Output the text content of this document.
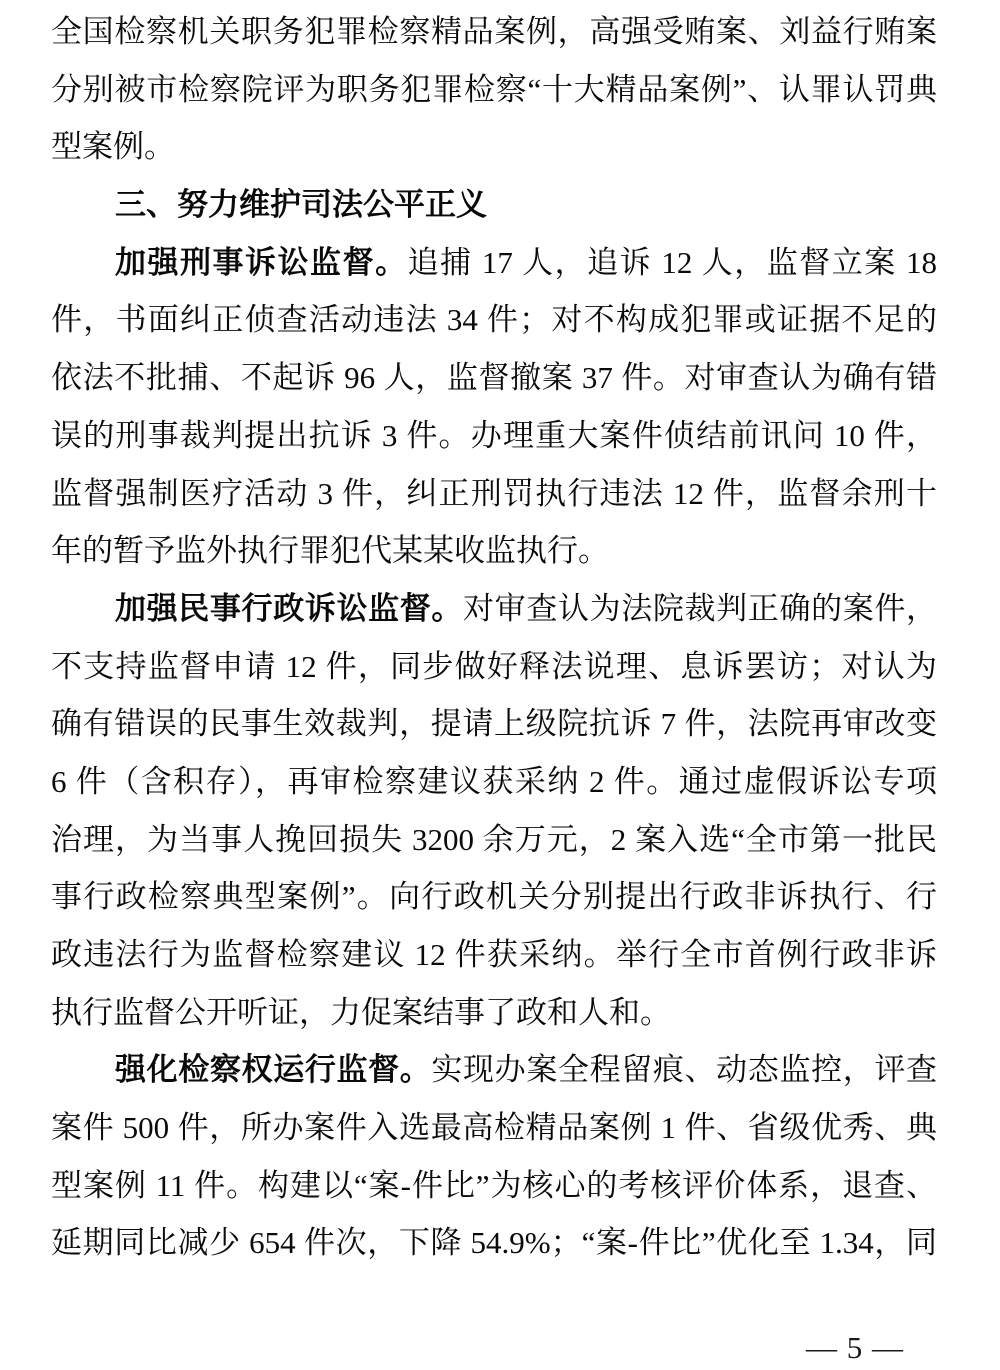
全国检察机关职务犯罪检察精品案例，高强受贿案、刘益行贿案
分别被市检察院评为职务犯罪检察“十大精品案例”、认罪认罚典
型案例。
三、努力维护司法公平正义
加强刑事诉讼监督。追捕 17 人，追诉 12 人，监督立案 18
件，书面纠正侦查活动违法 34 件；对不构成犯罪或证据不足的
依法不批捕、不起诉 96 人，监督撤案 37 件。对审查认为确有错
误的刑事裁判提出抗诉 3 件。办理重大案件侦结前讯问 10 件，
监督强制医疗活动 3 件，纠正刑罚执行违法 12 件，监督余刑十
年的暂予监外执行罪犯代某某收监执行。
加强民事行政诉讼监督。对审查认为法院裁判正确的案件，
不支持监督申请 12 件，同步做好释法说理、息诉罢访；对认为
确有错误的民事生效裁判，提请上级院抗诉 7 件，法院再审改变
6 件（含积存），再审检察建议获采纳 2 件。通过虚假诉讼专项
治理，为当事人挽回损失 3200 余万元，2 案入选“全市第一批民
事行政检察典型案例”。向行政机关分别提出行政非诉执行、行
政违法行为监督检察建议 12 件获采纳。举行全市首例行政非诉
执行监督公开听证，力促案结事了政和人和。
强化检察权运行监督。实现办案全程留痕、动态监控，评查
案件 500 件，所办案件入选最高检精品案例 1 件、省级优秀、典
型案例 11 件。构建以“案-件比”为核心的考核评价体系，退查、
延期同比减少 654 件次，下降 54.9%；“案-件比”优化至 1.34，同
— 5 —
